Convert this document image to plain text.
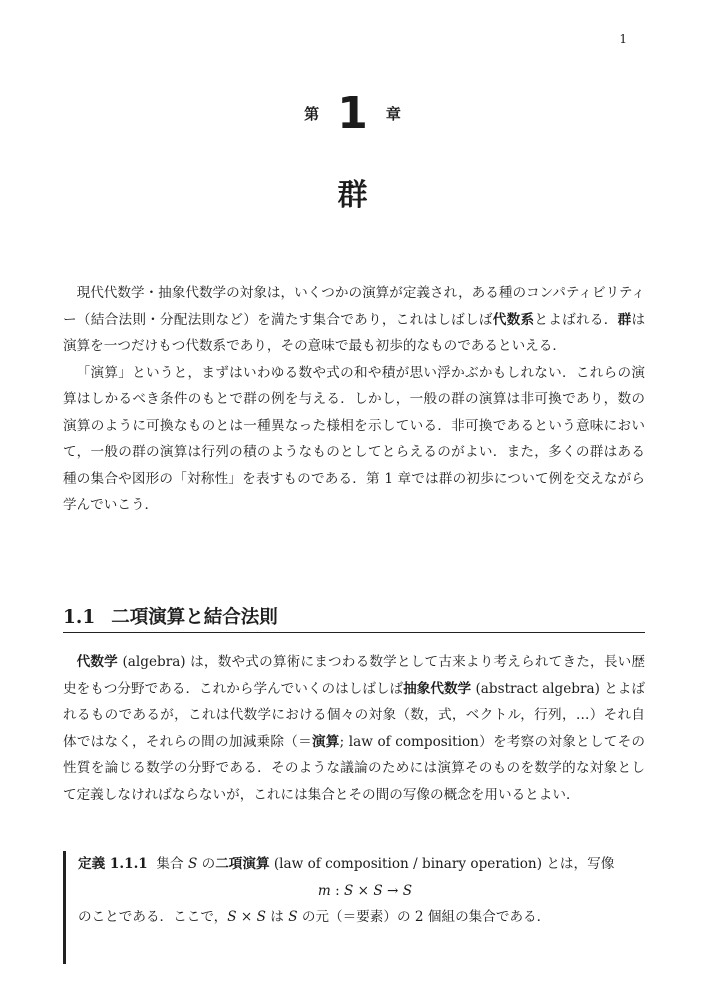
1
第 1 章
群

現代代数学・抽象代数学の対象は，いくつかの演算が定義され，ある種のコンパティビリティー（結合法則・分配法則など）を満たす集合であり，これはしばしば代数系とよばれる．群は演算を一つだけもつ代数系であり，その意味で最も初歩的なものであるといえる．

「演算」というと，まずはいわゆる数や式の和や積が思い浮かぶかもしれない．これらの演算はしかるべき条件のもとで群の例を与える．しかし，一般の群の演算は非可換であり，数の演算のように可換なものとは一種異なった様相を示している．非可換であるという意味において，一般の群の演算は行列の積のようなものとしてとらえるのがよい．また，多くの群はある種の集合や図形の「対称性」を表すものである．第 1 章では群の初歩について例を交えながら学んでいこう．

1.1 二項演算と結合法則

代数学 (algebra) は，数や式の算術にまつわる数学として古来より考えられてきた，長い歴史をもつ分野である．これから学んでいくのはしばしば抽象代数学 (abstract algebra) とよばれるものであるが，これは代数学における個々の対象（数，式，ベクトル，行列，…）それ自体ではなく，それらの間の加減乗除（＝演算; law of composition）を考察の対象としてその性質を論じる数学の分野である．そのような議論のためには演算そのものを数学的な対象として定義しなければならないが，これには集合とその間の写像の概念を用いるとよい．

定義 1.1.1 集合 S の二項演算 (law of composition / binary operation) とは，写像
m : S × S → S
のことである．ここで，S × S は S の元（＝要素）の 2 個組の集合である．
